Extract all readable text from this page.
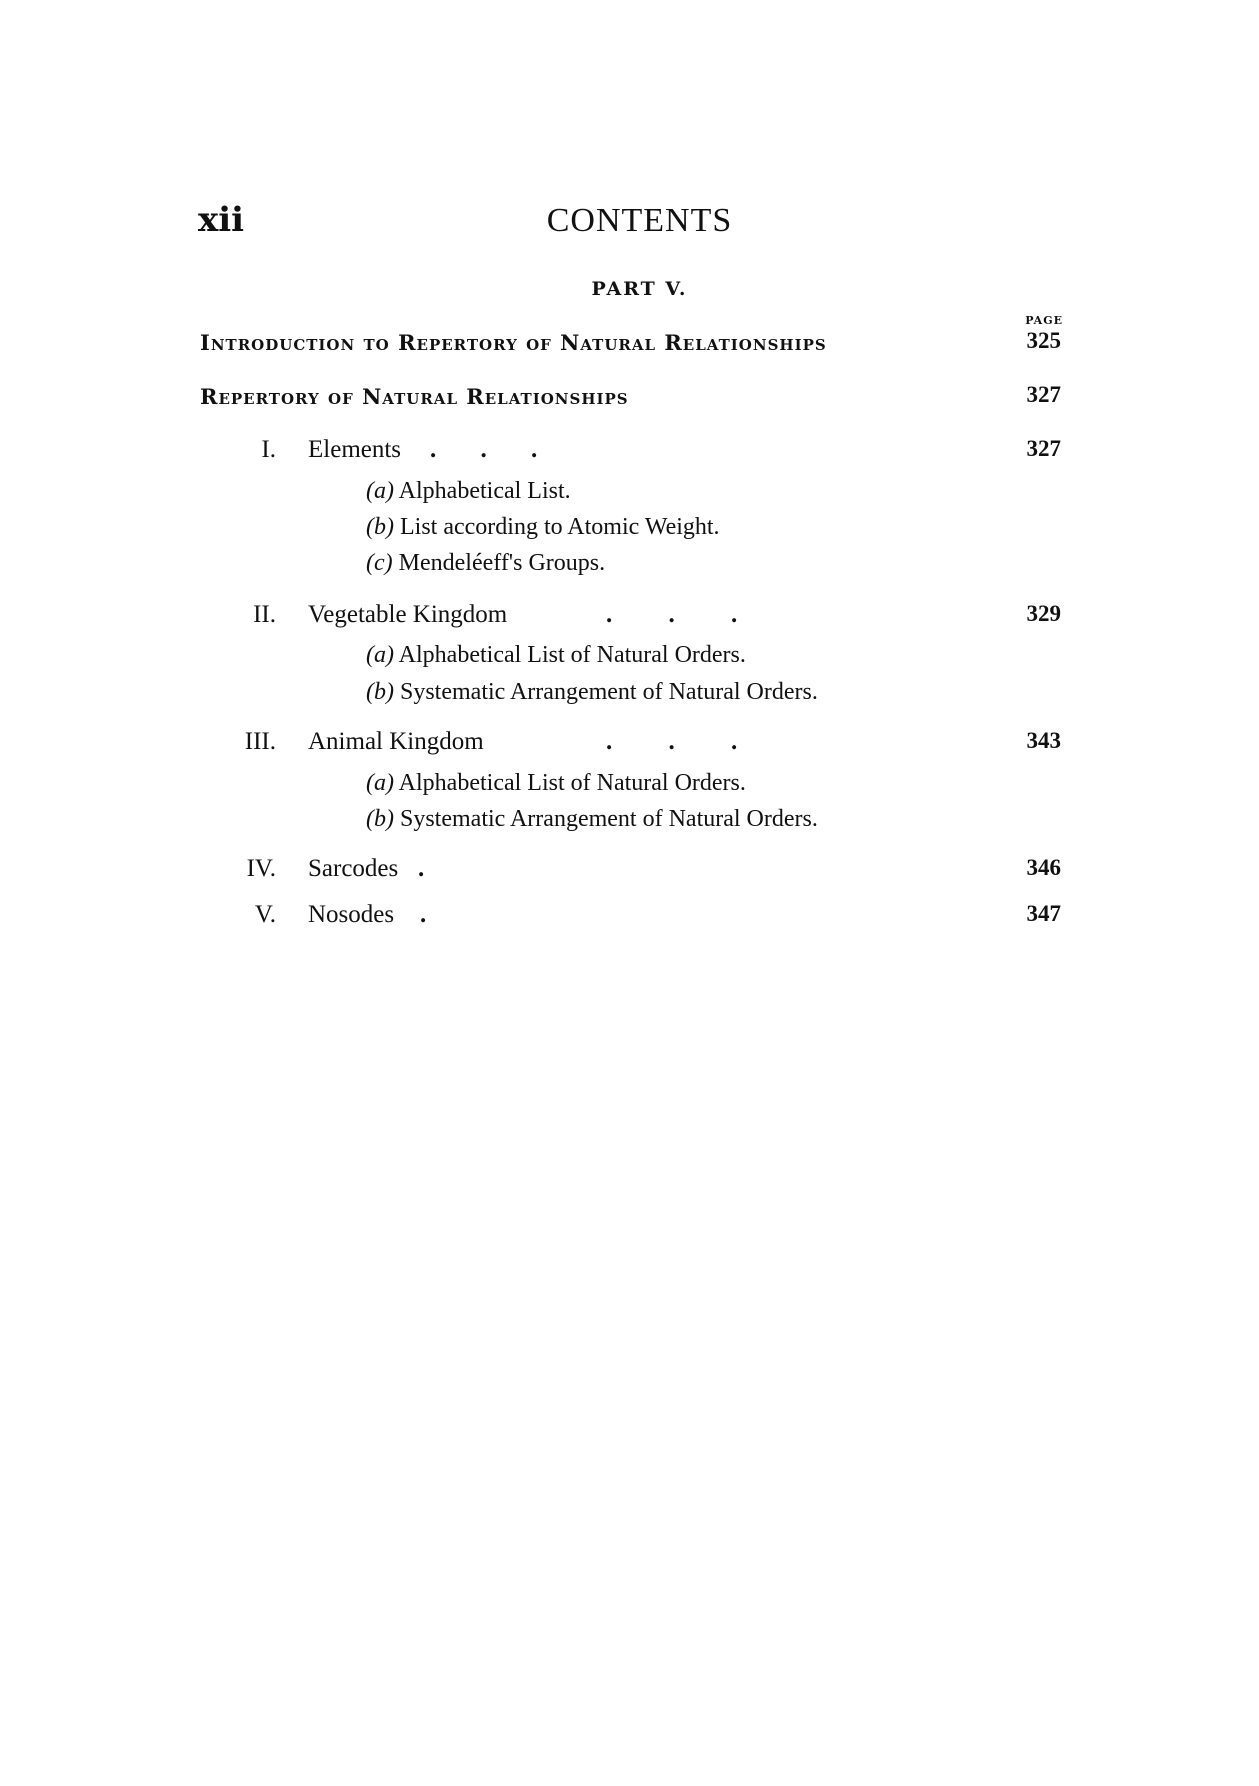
xii	CONTENTS
PART V.
PAGE
Introduction to Repertory of Natural Relationships	325
Repertory of Natural Relationships	327
I. Elements . . .	327
(a) Alphabetical List.
(b) List according to Atomic Weight.
(c) Mendeléeff's Groups.
II. Vegetable Kingdom	. . .	329
(a) Alphabetical List of Natural Orders.
(b) Systematic Arrangement of Natural Orders.
III. Animal Kingdom	. . .	343
(a) Alphabetical List of Natural Orders.
(b) Systematic Arrangement of Natural Orders.
IV. Sarcodes .	346
V. Nosodes .	347
